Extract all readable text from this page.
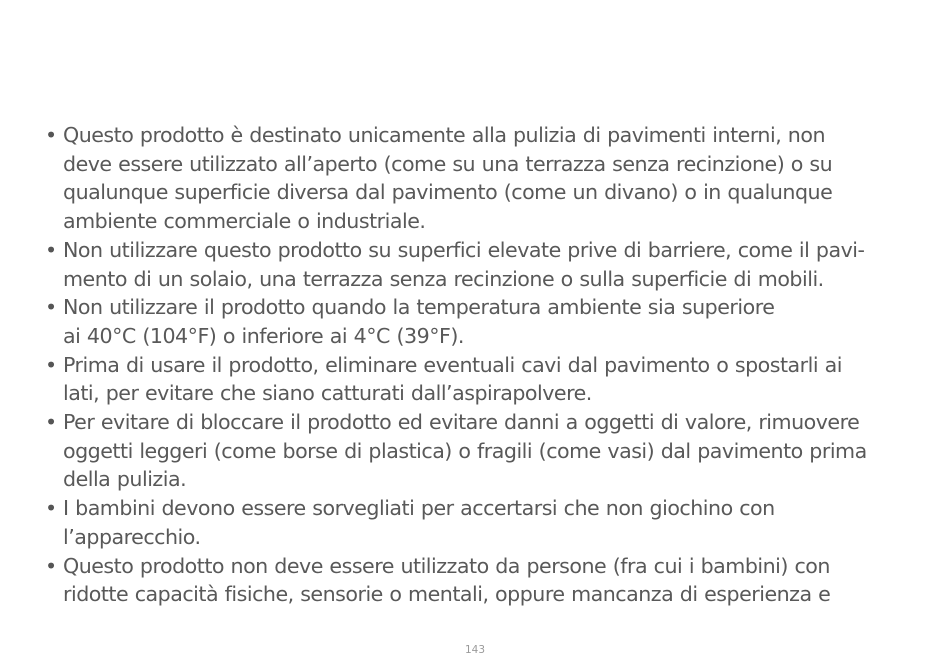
• Questo prodotto è destinato unicamente alla pulizia di pavimenti interni, non
deve essere utilizzato all’aperto (come su una terrazza senza recinzione) o su
qualunque superficie diversa dal pavimento (come un divano) o in qualunque
ambiente commerciale o industriale.
• Non utilizzare questo prodotto su superfici elevate prive di barriere, come il pavi-
mento di un solaio, una terrazza senza recinzione o sulla superficie di mobili.
• Non utilizzare il prodotto quando la temperatura ambiente sia superiore
ai 40°C (104°F) o inferiore ai 4°C (39°F).
• Prima di usare il prodotto, eliminare eventuali cavi dal pavimento o spostarli ai
lati, per evitare che siano catturati dall’aspirapolvere.
• Per evitare di bloccare il prodotto ed evitare danni a oggetti di valore, rimuovere
oggetti leggeri (come borse di plastica) o fragili (come vasi) dal pavimento prima
della pulizia.
• I bambini devono essere sorvegliati per accertarsi che non giochino con
l’apparecchio.
• Questo prodotto non deve essere utilizzato da persone (fra cui i bambini) con
ridotte capacità fisiche, sensorie o mentali, oppure mancanza di esperienza e
143
